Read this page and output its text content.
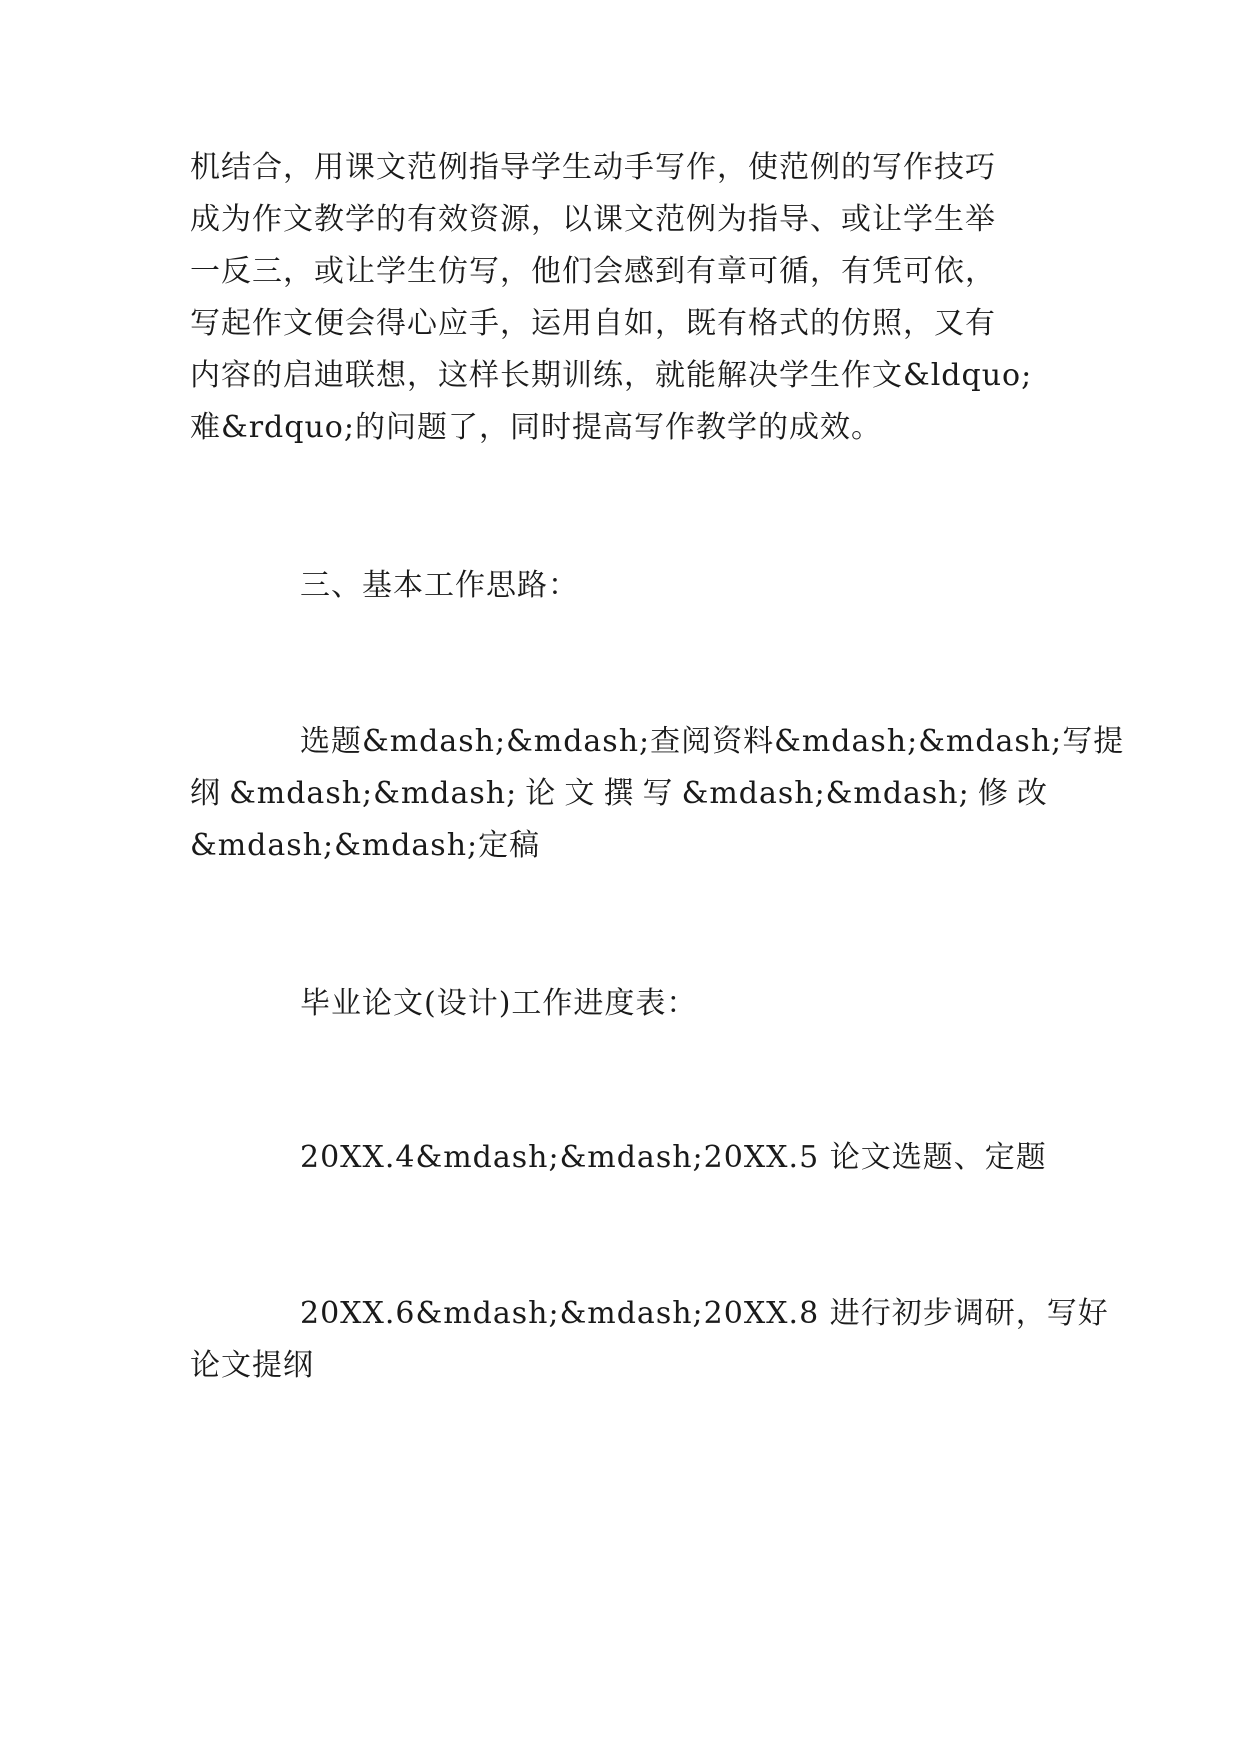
机结合，用课文范例指导学生动手写作，使范例的写作技巧
成为作文教学的有效资源，以课文范例为指导、或让学生举
一反三，或让学生仿写，他们会感到有章可循，有凭可依，
写起作文便会得心应手，运用自如，既有格式的仿照，又有
内容的启迪联想，这样长期训练，就能解决学生作文&ldquo;
难&rdquo;的问题了，同时提高写作教学的成效。
三、基本工作思路：
选题&mdash;&mdash;查阅资料&mdash;&mdash;写提
纲 &mdash;&mdash; 论 文 撰 写 &mdash;&mdash; 修 改
&mdash;&mdash;定稿
毕业论文(设计)工作进度表：
20XX.4&mdash;&mdash;20XX.5 论文选题、定题
20XX.6&mdash;&mdash;20XX.8 进行初步调研，写好
论文提纲
